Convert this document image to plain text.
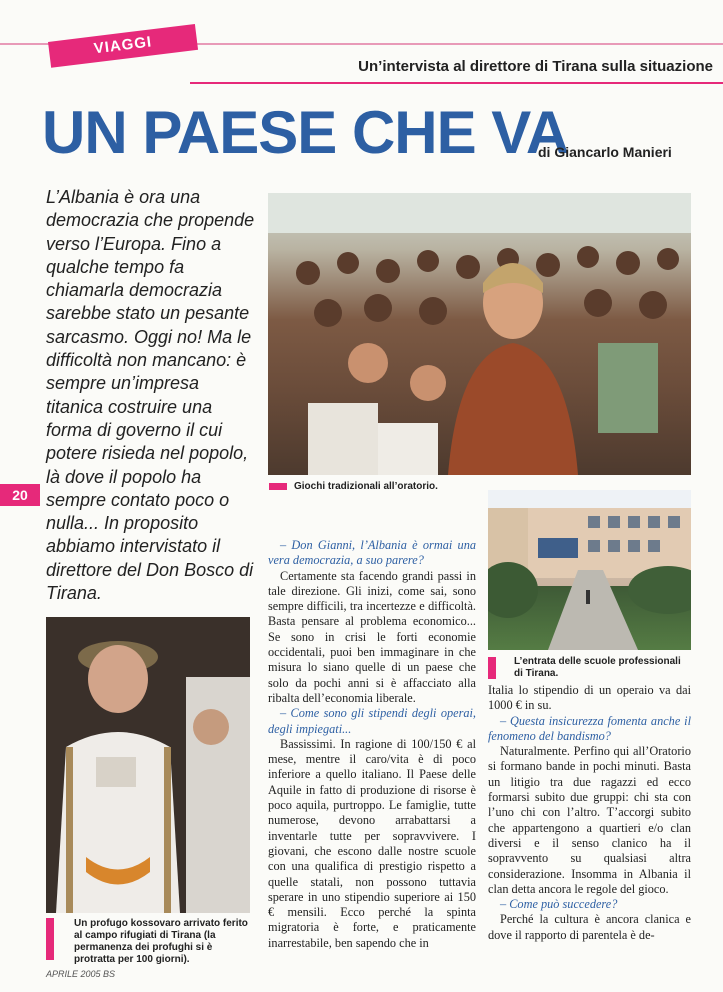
VIAGGI
Un’intervista al direttore di Tirana sulla situazione
UN PAESE CHE VA
di Giancarlo Manieri
L’Albania è ora una democrazia che propende verso l’Europa. Fino a qualche tempo fa chiamarla democrazia sarebbe stato un pesante sarcasmo. Oggi no! Ma le difficoltà non mancano: è sempre un’impresa titanica costruire una forma di governo il cui potere risieda nel popolo, là dove il popolo ha sempre contato poco o nulla... In proposito abbiamo intervistato il direttore del Don Bosco di Tirana.
20
Giochi tradizionali all’oratorio.
L’entrata delle scuole professionali di Tirana.
Un profugo kossovaro arrivato ferito al campo rifugiati di Tirana (la permanenza dei profughi si è protratta per 100 giorni).

– Don Gianni, l’Albania è ormai una vera democrazia, a suo parere?

Certamente sta facendo grandi passi in tale direzione. Gli inizi, come sai, sono sempre difficili, tra incertezze e difficoltà. Basta pensare al problema economico... Se sono in crisi le forti economie occidentali, puoi ben immaginare in che misura lo siano quelle di un paese che solo da pochi anni si è affacciato alla ribalta dell’economia liberale.

– Come sono gli stipendi degli operai, degli impiegati...

Bassissimi. In ragione di 100/150 € al mese, mentre il caro/vita è di poco inferiore a quello italiano. Il Paese delle Aquile in fatto di produzione di risorse è poco aquila, purtroppo. Le famiglie, tutte numerose, devono arrabattarsi a inventarle tutte per sopravvivere. I giovani, che escono dalle nostre scuole con una qualifica di prestigio rispetto a quelle statali, non possono tuttavia sperare in uno stipendio superiore ai 150 € mensili. Ecco perché la spinta migratoria è forte, e praticamente inarrestabile, ben sapendo che in

Italia lo stipendio di un operaio va dai 1000 € in su.

– Questa insicurezza fomenta anche il fenomeno del bandismo?

Naturalmente. Perfino qui all’Oratorio si formano bande in pochi minuti. Basta un litigio tra due ragazzi ed ecco formarsi subito due gruppi: chi sta con l’uno chi con l’altro. T’accorgi subito che appartengono a quartieri e/o clan diversi e il senso clanico ha il sopravvento su qualsiasi altra considerazione. Insomma in Albania il clan detta ancora le regole del gioco.

– Come può succedere?

Perché la cultura è ancora clanica e dove il rapporto di parentela è de-

APRILE 2005 BS
